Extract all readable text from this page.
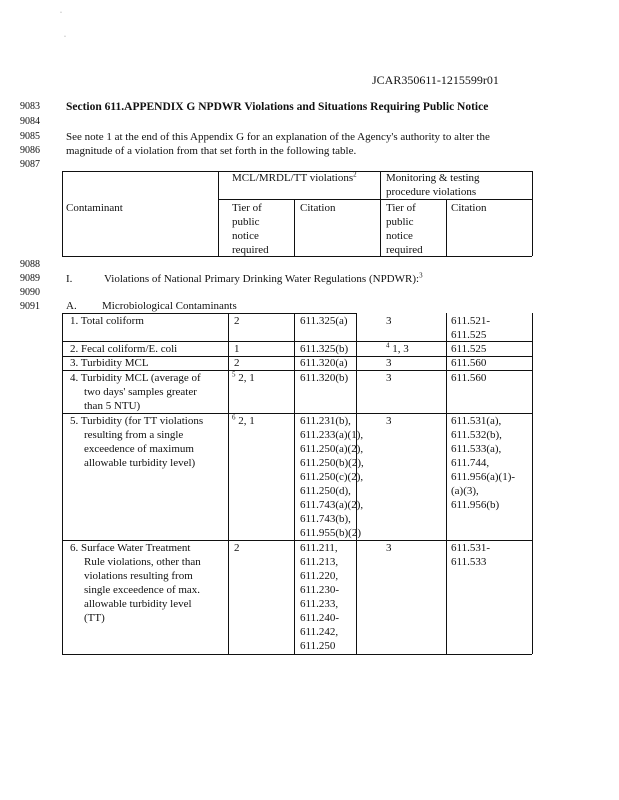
·
·
JCAR350611-1215599r01
9083
9084
9085
9086
9087
9088
9089
9090
9091
Section 611.APPENDIX G NPDWR Violations and Situations Requiring Public Notice
See note 1 at the end of this Appendix G for an explanation of the Agency's authority to alter the
magnitude of a violation from that set forth in the following table.
MCL/MRDL/TT violations$^2$	Monitoring & testing
procedure violations
Contaminant	Tier of
public
notice
required
Citation	Tier of
public
notice
required
Citation
I.	Violations of National Primary Drinking Water Regulations (NPDWR):$^3$
A. Microbiological Contaminants
1. Total coliform	2	611.325(a)	3	611.521-
611.525
2. Fecal coliform/E. coli	1	611.325(b)	$^4$ 1, 3	611.525
3. Turbidity MCL	2	611.320(a)	3	611.560
4. Turbidity MCL (average of
two days' samples greater
than 5 NTU)
$^5$ 2, 1	611.320(b)	3	611.560
5. Turbidity (for TT violations
resulting from a single
exceedence of maximum
allowable turbidity level)
$^6$ 2, 1	611.231(b),
611.233(a)(1),
611.250(a)(2),
611.250(b)(2),
611.250(c)(2),
611.250(d),
611.743(a)(2),
611.743(b),
611.955(b)(2)
3	611.531(a),
611.532(b),
611.533(a),
611.744,
611.956(a)(1)-
(a)(3),
611.956(b)
6. Surface Water Treatment
Rule violations, other than
violations resulting from
single exceedence of max.
allowable turbidity level
(TT)
2	611.211,
611.213,
611.220,
611.230-
611.233,
611.240-
611.242,
611.250
3	611.531-
611.533
